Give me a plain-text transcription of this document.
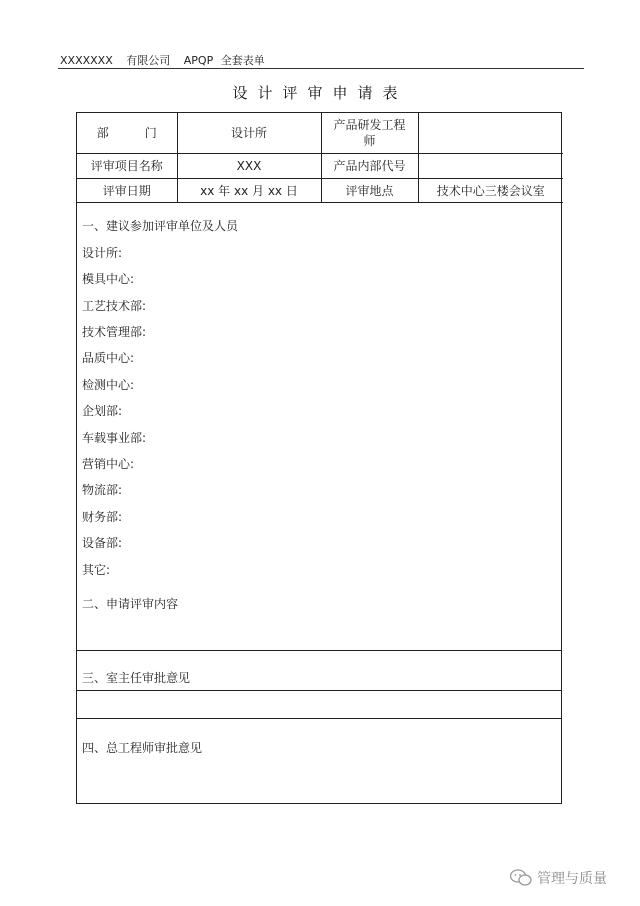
XXXXXXX 有限公司 APQP 全套表单
设计评审申请表
部 门	设计所	产品研发工程师	

评审项目名称	XXX	产品内部代号	
评审日期	xx 年 xx 月 xx 日	评审地点	技术中心三楼会议室
一、建议参加评审单位及人员
设计所:
模具中心:
工艺技术部:
技术管理部:
品质中心:
检测中心:
企划部:
车载事业部:
营销中心:
物流部:
财务部:
设备部:
其它:
二、申请评审内容
三、室主任审批意见
四、总工程师审批意见
管理与质量
